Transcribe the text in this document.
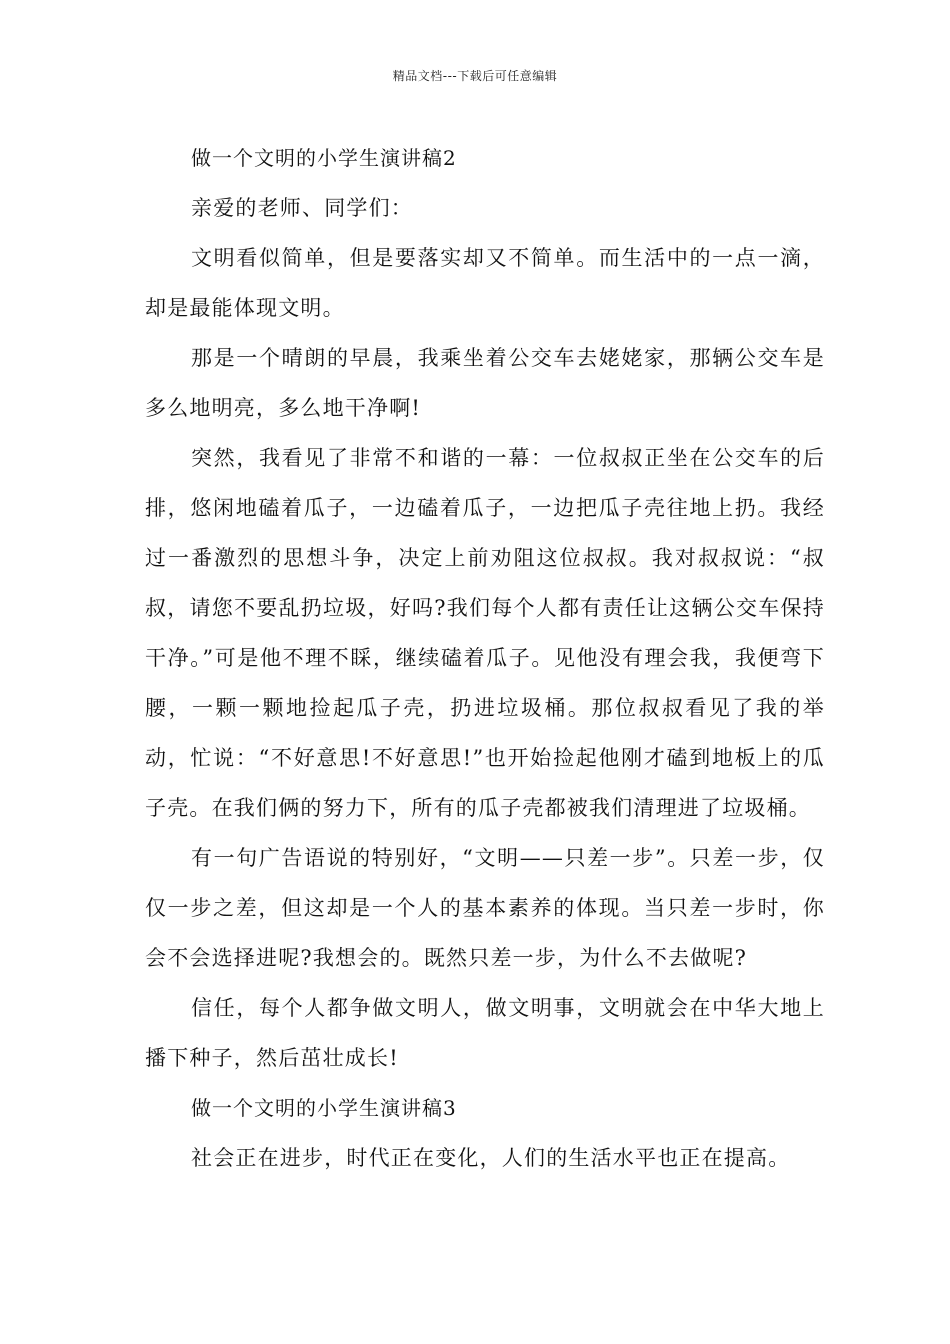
精品文档---下载后可任意编辑

做一个文明的小学生演讲稿2

亲爱的老师、同学们：

文明看似简单，但是要落实却又不简单。而生活中的一点一滴，却是最能体现文明。

那是一个晴朗的早晨，我乘坐着公交车去姥姥家，那辆公交车是多么地明亮，多么地干净啊!

突然，我看见了非常不和谐的一幕：一位叔叔正坐在公交车的后排，悠闲地磕着瓜子，一边磕着瓜子，一边把瓜子壳往地上扔。我经过一番激烈的思想斗争，决定上前劝阻这位叔叔。我对叔叔说：“叔叔，请您不要乱扔垃圾，好吗?我们每个人都有责任让这辆公交车保持干净。”可是他不理不睬，继续磕着瓜子。见他没有理会我，我便弯下腰，一颗一颗地捡起瓜子壳，扔进垃圾桶。那位叔叔看见了我的举动，忙说：“不好意思!不好意思!”也开始捡起他刚才磕到地板上的瓜子壳。在我们俩的努力下，所有的瓜子壳都被我们清理进了垃圾桶。

有一句广告语说的特别好，“文明——只差一步”。只差一步，仅仅一步之差，但这却是一个人的基本素养的体现。当只差一步时，你会不会选择进呢?我想会的。既然只差一步，为什么不去做呢?

信任，每个人都争做文明人，做文明事，文明就会在中华大地上播下种子，然后茁壮成长!

做一个文明的小学生演讲稿3

社会正在进步，时代正在变化，人们的生活水平也正在提高。
